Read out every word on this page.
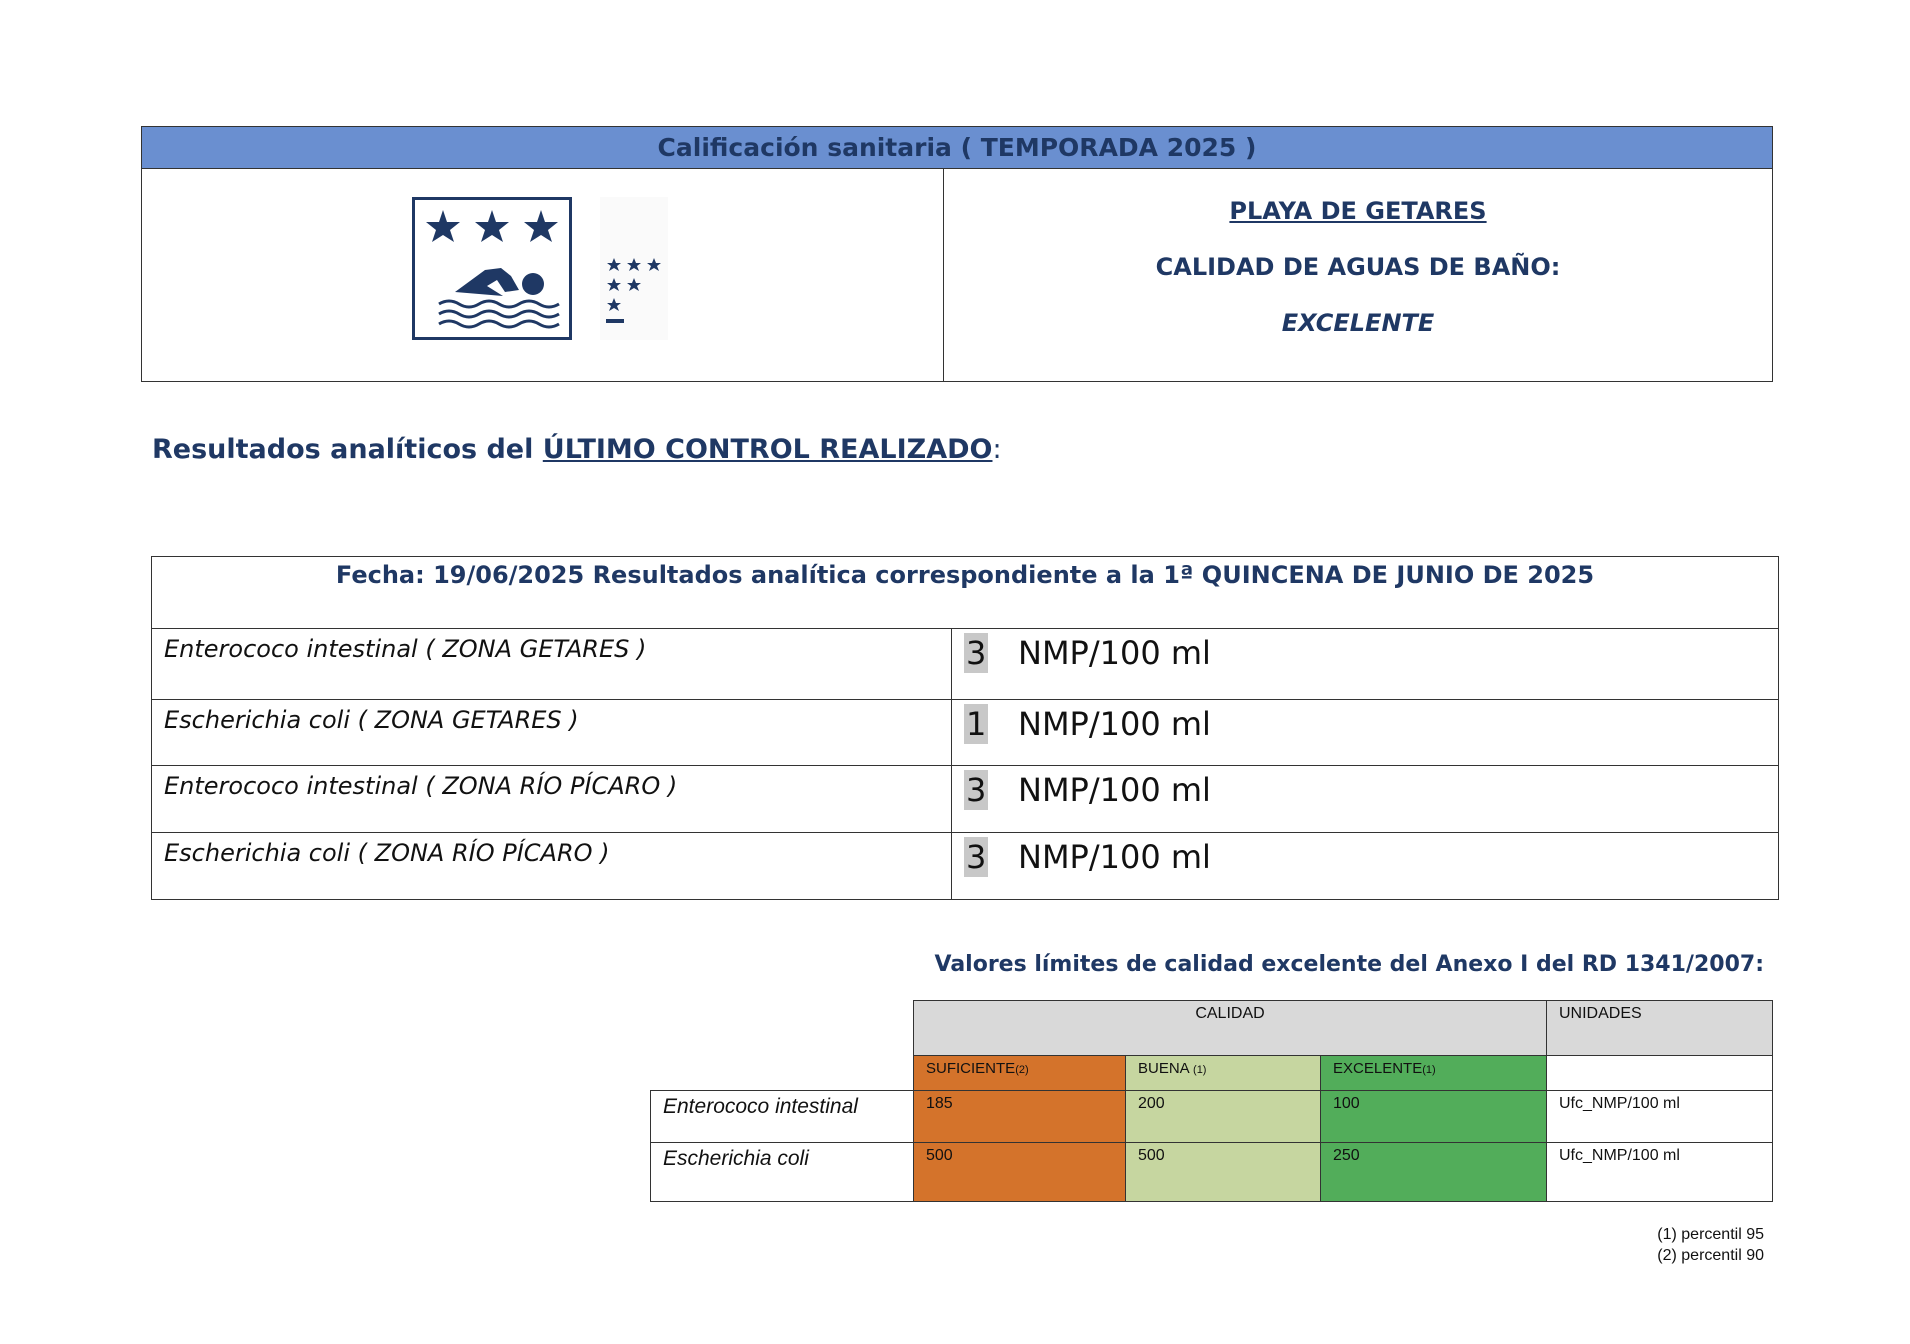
Calificación sanitaria ( TEMPORADA 2025 )
PLAYA DE GETARES
CALIDAD DE AGUAS DE BAÑO:
EXCELENTE
Resultados analíticos del ÚLTIMO CONTROL REALIZADO:
Fecha: 19/06/2025 Resultados analítica correspondiente a la 1ª QUINCENA DE JUNIO DE 2025
Enterococo intestinal ( ZONA GETARES )	3 NMP/100 ml
Escherichia coli ( ZONA GETARES )	1 NMP/100 ml
Enterococo intestinal ( ZONA RÍO PÍCARO )	3 NMP/100 ml
Escherichia coli ( ZONA RÍO PÍCARO )	3 NMP/100 ml
Valores límites de calidad excelente del Anexo I del RD 1341/2007:
CALIDAD	UNIDADES
SUFICIENTE(2)	BUENA (1)	EXCELENTE(1)
Enterococo intestinal	185	200	100	Ufc_NMP/100 ml
Escherichia coli	500	500	250	Ufc_NMP/100 ml
(1) percentil 95
(2) percentil 90
